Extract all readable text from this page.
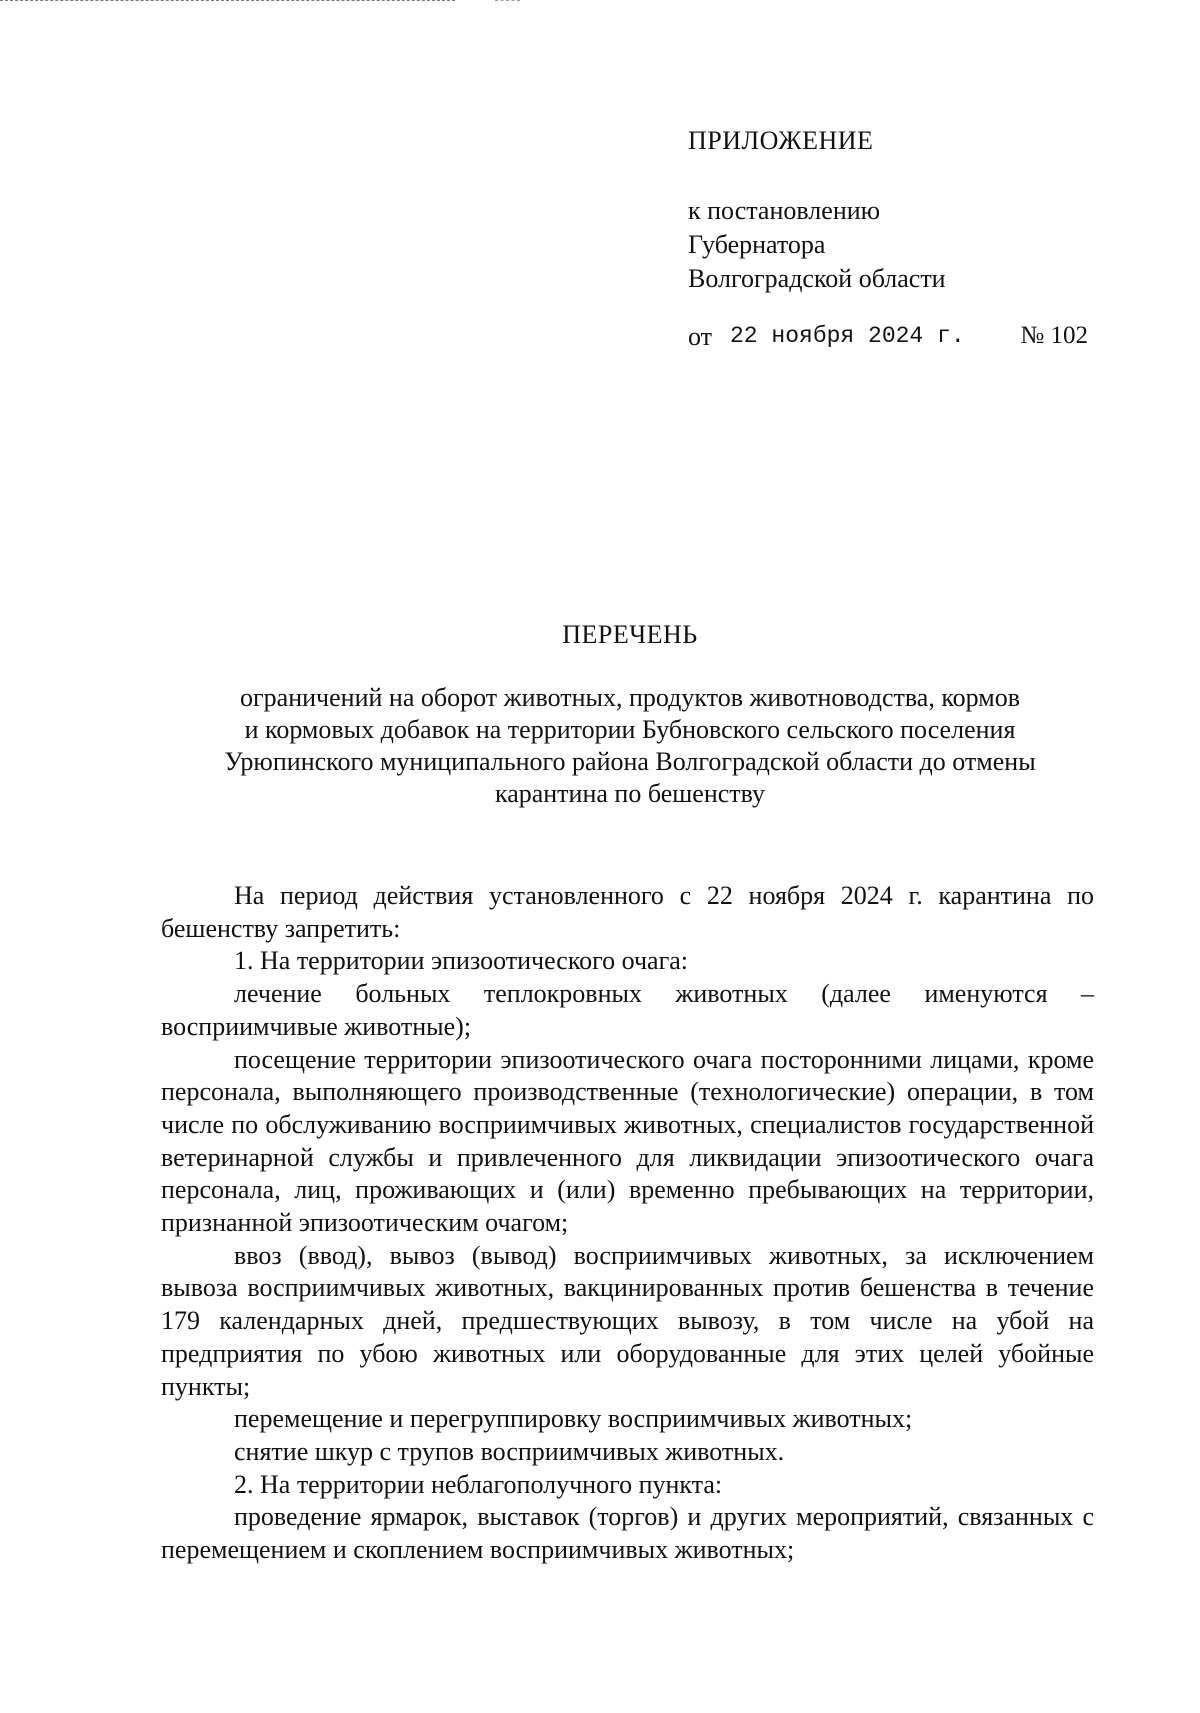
ПРИЛОЖЕНИЕ
к постановлению
Губернатора
Волгоградской области
от 22 ноября 2024 г. № 102
ПЕРЕЧЕНЬ
ограничений на оборот животных, продуктов животноводства, кормов
и кормовых добавок на территории Бубновского сельского поселения
Урюпинского муниципального района Волгоградской области до отмены
карантина по бешенству

На период действия установленного с 22 ноября 2024 г. карантина по бешенству запретить:

1. На территории эпизоотического очага:

лечение больных теплокровных животных (далее именуются – восприимчивые животные);

посещение территории эпизоотического очага посторонними лицами, кроме персонала, выполняющего производственные (технологические) операции, в том числе по обслуживанию восприимчивых животных, специалистов государственной ветеринарной службы и привлеченного для ликвидации эпизоотического очага персонала, лиц, проживающих и (или) временно пребывающих на территории, признанной эпизоотическим очагом;

ввоз (ввод), вывоз (вывод) восприимчивых животных, за исключением вывоза восприимчивых животных, вакцинированных против бешенства в течение 179 календарных дней, предшествующих вывозу, в том числе на убой на предприятия по убою животных или оборудованные для этих целей убойные пункты;

перемещение и перегруппировку восприимчивых животных;

снятие шкур с трупов восприимчивых животных.

2. На территории неблагополучного пункта:

проведение ярмарок, выставок (торгов) и других мероприятий, связанных с перемещением и скоплением восприимчивых животных;
